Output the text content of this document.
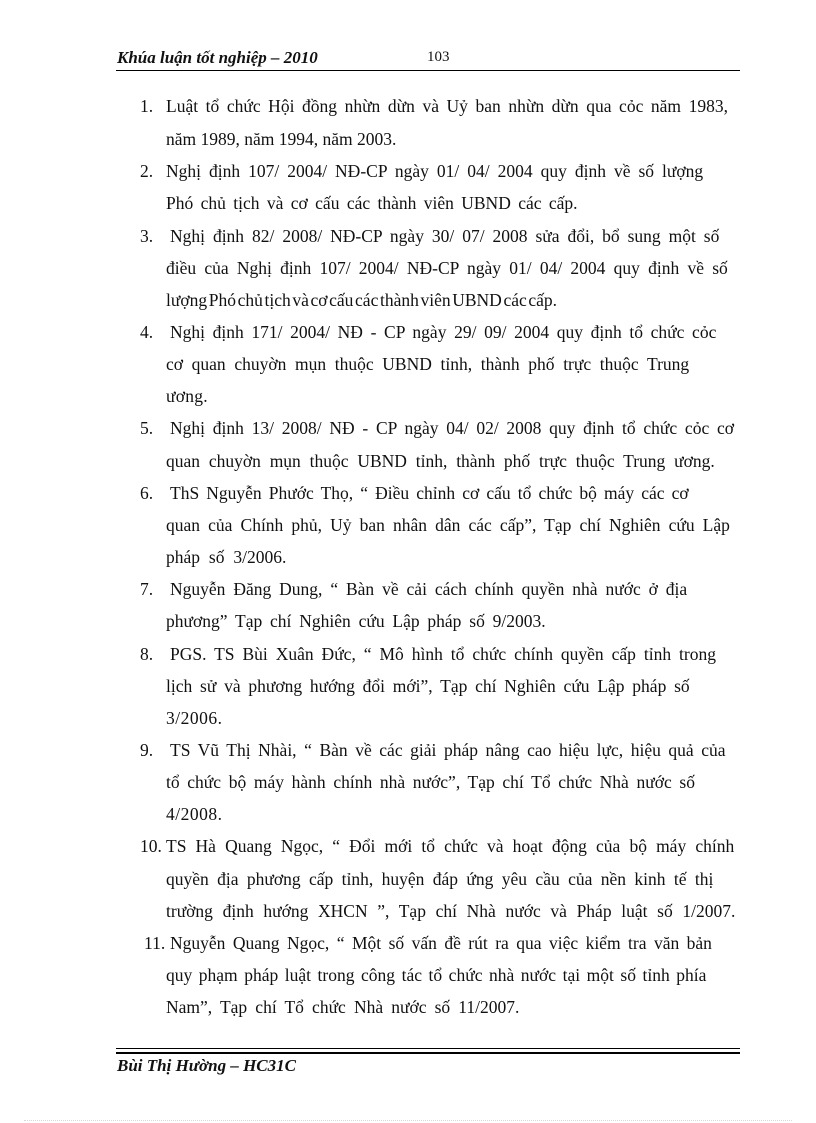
Khúa luận tốt nghiệp – 2010	103
1. Luật tổ chức Hội đồng nhừn dừn và Uỷ ban nhừn dừn qua cỏc năm 1983,
năm 1989, năm 1994, năm 2003.
2. Nghị định 107/ 2004/ NĐ-CP ngày 01/ 04/ 2004 quy định về số lượng
Phó chủ tịch và cơ cấu các thành viên UBND các cấp.
3. Nghị định 82/ 2008/ NĐ-CP ngày 30/ 07/ 2008 sửa đổi, bổ sung một số
điều của Nghị định 107/ 2004/ NĐ-CP ngày 01/ 04/ 2004 quy định về số
lượng Phó chủ tịch và cơ cấu các thành viên UBND các cấp.
4. Nghị định 171/ 2004/ NĐ - CP ngày 29/ 09/ 2004 quy định tổ chức cỏc
cơ quan chuyờn mụn thuộc UBND tỉnh, thành phố trực thuộc Trung
ương.
5. Nghị định 13/ 2008/ NĐ - CP ngày 04/ 02/ 2008 quy định tổ chức cỏc cơ
quan chuyờn mụn thuộc UBND tỉnh, thành phố trực thuộc Trung ương.
6. ThS Nguyễn Phước Thọ, “ Điều chỉnh cơ cấu tổ chức bộ máy các cơ
quan của Chính phủ, Uỷ ban nhân dân các cấp”, Tạp chí Nghiên cứu Lập
pháp số 3/2006.
7. Nguyễn Đăng Dung, “ Bàn về cải cách chính quyền nhà nước ở địa
phương” Tạp chí Nghiên cứu Lập pháp số 9/2003.
8. PGS. TS Bùi Xuân Đức, “ Mô hình tổ chức chính quyền cấp tỉnh trong
lịch sử và phương hướng đổi mới”, Tạp chí Nghiên cứu Lập pháp số
3/2006.
9. TS Vũ Thị Nhài, “ Bàn về các giải pháp nâng cao hiệu lực, hiệu quả của
tổ chức bộ máy hành chính nhà nước”, Tạp chí Tổ chức Nhà nước số
4/2008.
10. TS Hà Quang Ngọc, “ Đổi mới tổ chức và hoạt động của bộ máy chính
quyền địa phương cấp tỉnh, huyện đáp ứng yêu cầu của nền kinh tế thị
trường định hướng XHCN ”, Tạp chí Nhà nước và Pháp luật số 1/2007.
11. Nguyễn Quang Ngọc, “ Một số vấn đề rút ra qua việc kiểm tra văn bản
quy phạm pháp luật trong công tác tổ chức nhà nước tại một số tỉnh phía
Nam”, Tạp chí Tổ chức Nhà nước số 11/2007.
Bùi Thị Hường – HC31C
